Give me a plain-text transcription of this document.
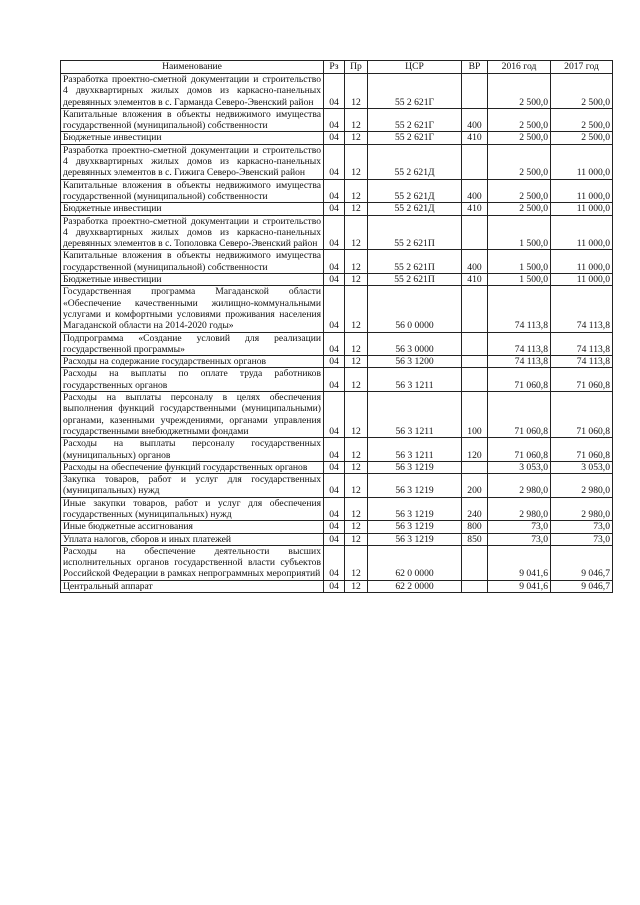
Наименование	Рз	Пр	ЦСР	ВР	2016 год	2017 год
Разработка проектно-сметной документации и строительство 4 двухквартирных жилых домов из каркасно-панельных деревянных элементов в с. Гарманда Северо-Эвенский район	04	12	55 2 621Г		2 500,0	2 500,0
Капитальные вложения в объекты недвижимого имущества государственной (муниципальной) собственности	04	12	55 2 621Г	400	2 500,0	2 500,0
Бюджетные инвестиции	04	12	55 2 621Г	410	2 500,0	2 500,0
Разработка проектно-сметной документации и строительство 4 двухквартирных жилых домов из каркасно-панельных деревянных элементов в с. Гижига Северо-Эвенский район	04	12	55 2 621Д		2 500,0	11 000,0
Капитальные вложения в объекты недвижимого имущества государственной (муниципальной) собственности	04	12	55 2 621Д	400	2 500,0	11 000,0
Бюджетные инвестиции	04	12	55 2 621Д	410	2 500,0	11 000,0
Разработка проектно-сметной документации и строительство 4 двухквартирных жилых домов из каркасно-панельных деревянных элементов в с. Тополовка Северо-Эвенский район	04	12	55 2 621П		1 500,0	11 000,0
Капитальные вложения в объекты недвижимого имущества государственной (муниципальной) собственности	04	12	55 2 621П	400	1 500,0	11 000,0
Бюджетные инвестиции	04	12	55 2 621П	410	1 500,0	11 000,0
Государственная программа Магаданской области «Обеспечение качественными жилищно-коммунальными услугами и комфортными условиями проживания населения Магаданской области на 2014-2020 годы»	04	12	56 0 0000		74 113,8	74 113,8
Подпрограмма «Создание условий для реализации государственной программы»	04	12	56 3 0000		74 113,8	74 113,8
Расходы на содержание государственных органов	04	12	56 3 1200		74 113,8	74 113,8
Расходы на выплаты по оплате труда работников государственных органов	04	12	56 3 1211		71 060,8	71 060,8
Расходы на выплаты персоналу в целях обеспечения выполнения функций государственными (муниципальными) органами, казенными учреждениями, органами управления государственными внебюджетными фондами	04	12	56 3 1211	100	71 060,8	71 060,8
Расходы на выплаты персоналу государственных (муниципальных) органов	04	12	56 3 1211	120	71 060,8	71 060,8
Расходы на обеспечение функций государственных органов	04	12	56 3 1219		3 053,0	3 053,0
Закупка товаров, работ и услуг для государственных (муниципальных) нужд	04	12	56 3 1219	200	2 980,0	2 980,0
Иные закупки товаров, работ и услуг для обеспечения государственных (муниципальных) нужд	04	12	56 3 1219	240	2 980,0	2 980,0
Иные бюджетные ассигнования	04	12	56 3 1219	800	73,0	73,0
Уплата налогов, сборов и иных платежей	04	12	56 3 1219	850	73,0	73,0
Расходы на обеспечение деятельности высших исполнительных органов государственной власти субъектов Российской Федерации в рамках непрограммных мероприятий	04	12	62 0 0000		9 041,6	9 046,7
Центральный аппарат	04	12	62 2 0000		9 041,6	9 046,7
